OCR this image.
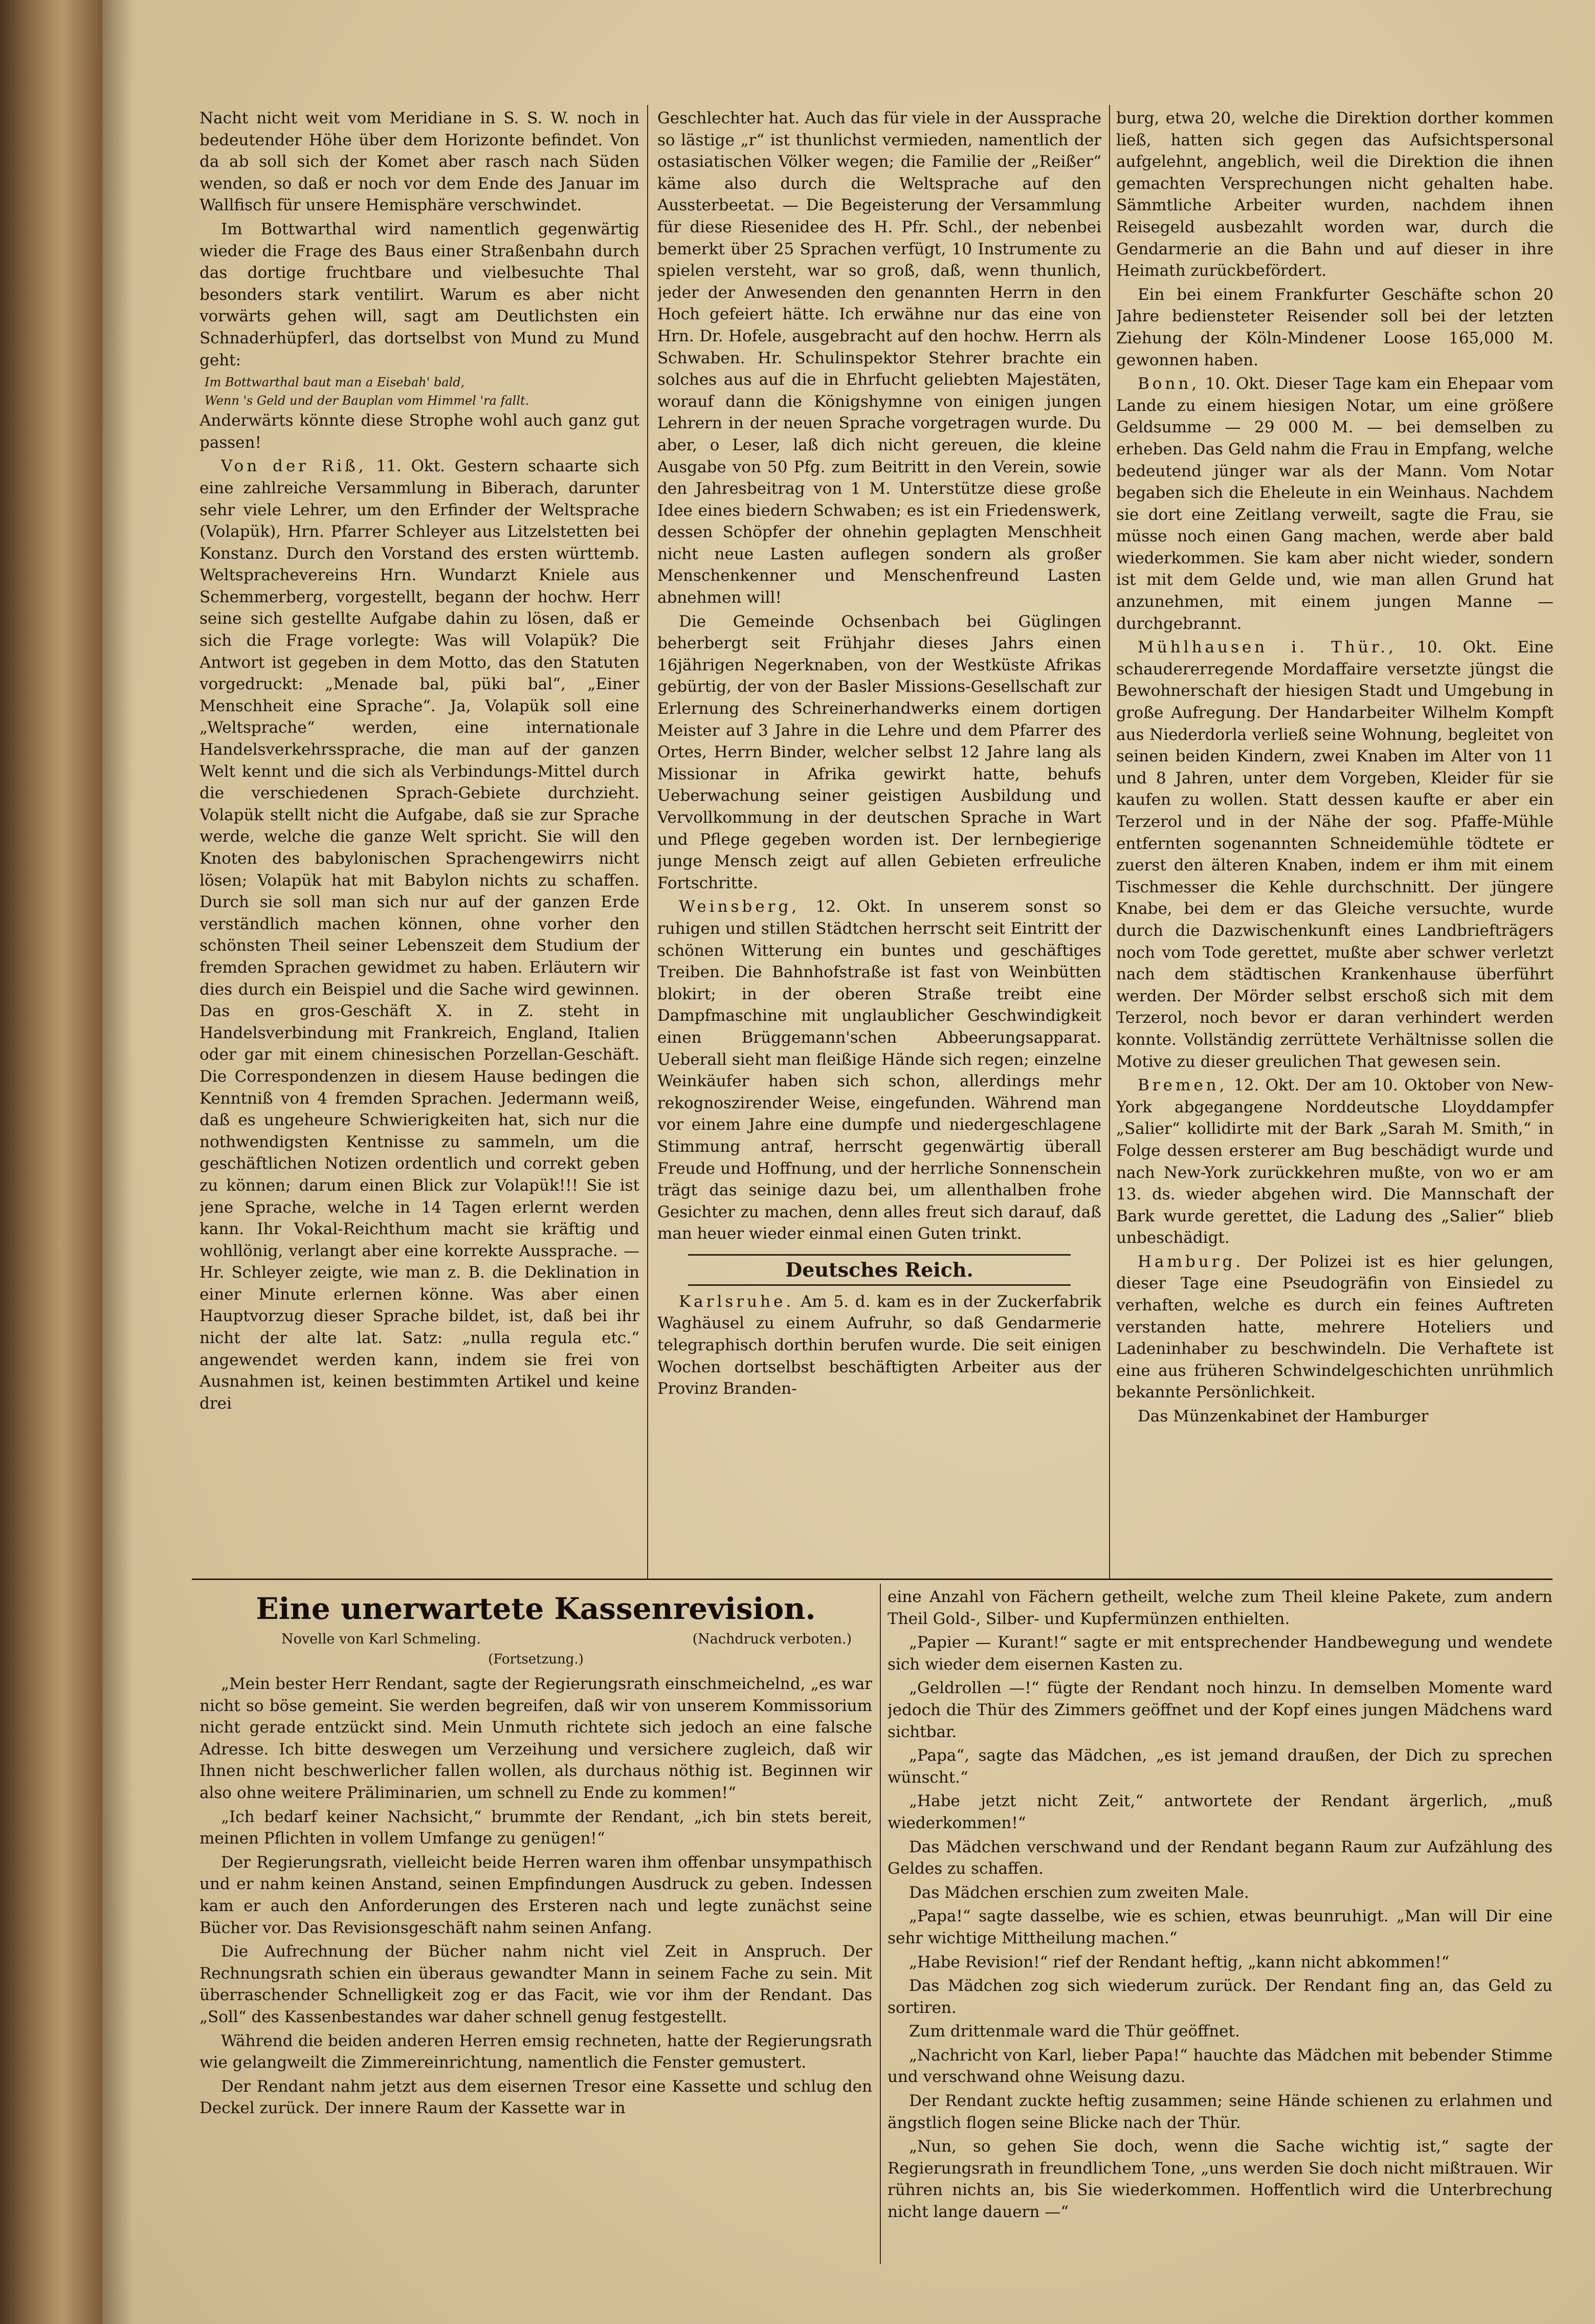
Nacht nicht weit vom Meridiane in S. S. W. noch in bedeutender Höhe über dem Horizonte befindet. Von da ab soll sich der Komet aber rasch nach Süden wenden, so daß er noch vor dem Ende des Januar im Wallfisch für unsere Hemisphäre verschwindet.

Im Bottwarthal wird namentlich gegenwärtig wieder die Frage des Baus einer Straßenbahn durch das dortige fruchtbare und vielbesuchte Thal besonders stark ventilirt. Warum es aber nicht vorwärts gehen will, sagt am Deutlichsten ein Schnaderhüpferl, das dortselbst von Mund zu Mund geht:

Im Bottwarthal baut man a Eisebah' bald,

Wenn 's Geld und der Bauplan vom Himmel 'ra fallt.

Anderwärts könnte diese Strophe wohl auch ganz gut passen!

Von der Riß, 11. Okt. Gestern schaarte sich eine zahlreiche Versammlung in Biberach, darunter sehr viele Lehrer, um den Erfinder der Weltsprache (Volapük), Hrn. Pfarrer Schleyer aus Litzelstetten bei Konstanz. Durch den Vorstand des ersten württemb. Weltsprachevereins Hrn. Wundarzt Kniele aus Schemmerberg, vorgestellt, begann der hochw. Herr seine sich gestellte Aufgabe dahin zu lösen, daß er sich die Frage vorlegte: Was will Volapük? Die Antwort ist gegeben in dem Motto, das den Statuten vorgedruckt: „Menade bal, püki bal“, „Einer Menschheit eine Sprache“. Ja, Volapük soll eine „Weltsprache“ werden, eine internationale Handelsverkehrssprache, die man auf der ganzen Welt kennt und die sich als Verbindungs-Mittel durch die verschiedenen Sprach-Gebiete durchzieht. Volapük stellt nicht die Aufgabe, daß sie zur Sprache werde, welche die ganze Welt spricht. Sie will den Knoten des babylonischen Sprachengewirrs nicht lösen; Volapük hat mit Babylon nichts zu schaffen. Durch sie soll man sich nur auf der ganzen Erde verständlich machen können, ohne vorher den schönsten Theil seiner Lebenszeit dem Studium der fremden Sprachen gewidmet zu haben. Erläutern wir dies durch ein Beispiel und die Sache wird gewinnen. Das en gros-Geschäft X. in Z. steht in Handelsverbindung mit Frankreich, England, Italien oder gar mit einem chinesischen Porzellan-Geschäft. Die Correspondenzen in diesem Hause bedingen die Kenntniß von 4 fremden Sprachen. Jedermann weiß, daß es ungeheure Schwierigkeiten hat, sich nur die nothwendigsten Kentnisse zu sammeln, um die geschäftlichen Notizen ordentlich und correkt geben zu können; darum einen Blick zur Volapük!!! Sie ist jene Sprache, welche in 14 Tagen erlernt werden kann. Ihr Vokal-Reichthum macht sie kräftig und wohllönig, verlangt aber eine korrekte Aussprache. — Hr. Schleyer zeigte, wie man z. B. die Deklination in einer Minute erlernen könne. Was aber einen Hauptvorzug dieser Sprache bildet, ist, daß bei ihr nicht der alte lat. Satz: „nulla regula etc.“ angewendet werden kann, indem sie frei von Ausnahmen ist, keinen bestimmten Artikel und keine drei

Geschlechter hat. Auch das für viele in der Aussprache so lästige „r“ ist thunlichst vermieden, namentlich der ostasiatischen Völker wegen; die Familie der „Reißer“ käme also durch die Weltsprache auf den Aussterbeetat. — Die Begeisterung der Versammlung für diese Riesenidee des H. Pfr. Schl., der nebenbei bemerkt über 25 Sprachen verfügt, 10 Instrumente zu spielen versteht, war so groß, daß, wenn thunlich, jeder der Anwesenden den genannten Herrn in den Hoch gefeiert hätte. Ich erwähne nur das eine von Hrn. Dr. Hofele, ausgebracht auf den hochw. Herrn als Schwaben. Hr. Schulinspektor Stehrer brachte ein solches aus auf die in Ehrfucht geliebten Majestäten, worauf dann die Königshymne von einigen jungen Lehrern in der neuen Sprache vorgetragen wurde. Du aber, o Leser, laß dich nicht gereuen, die kleine Ausgabe von 50 Pfg. zum Beitritt in den Verein, sowie den Jahresbeitrag von 1 M. Unterstütze diese große Idee eines biedern Schwaben; es ist ein Friedenswerk, dessen Schöpfer der ohnehin geplagten Menschheit nicht neue Lasten auflegen sondern als großer Menschenkenner und Menschenfreund Lasten abnehmen will!

Die Gemeinde Ochsenbach bei Güglingen beherbergt seit Frühjahr dieses Jahrs einen 16jährigen Negerknaben, von der Westküste Afrikas gebürtig, der von der Basler Missions-Gesellschaft zur Erlernung des Schreinerhandwerks einem dortigen Meister auf 3 Jahre in die Lehre und dem Pfarrer des Ortes, Herrn Binder, welcher selbst 12 Jahre lang als Missionar in Afrika gewirkt hatte, behufs Ueberwachung seiner geistigen Ausbildung und Vervollkommung in der deutschen Sprache in Wart und Pflege gegeben worden ist. Der lernbegierige junge Mensch zeigt auf allen Gebieten erfreuliche Fortschritte.

Weinsberg, 12. Okt. In unserem sonst so ruhigen und stillen Städtchen herrscht seit Eintritt der schönen Witterung ein buntes und geschäftiges Treiben. Die Bahnhofstraße ist fast von Weinbütten blokirt; in der oberen Straße treibt eine Dampfmaschine mit unglaublicher Geschwindigkeit einen Brüggemann'schen Abbeerungsapparat. Ueberall sieht man fleißige Hände sich regen; einzelne Weinkäufer haben sich schon, allerdings mehr rekognoszirender Weise, eingefunden. Während man vor einem Jahre eine dumpfe und niedergeschlagene Stimmung antraf, herrscht gegenwärtig überall Freude und Hoffnung, und der herrliche Sonnenschein trägt das seinige dazu bei, um allenthalben frohe Gesichter zu machen, denn alles freut sich darauf, daß man heuer wieder einmal einen Guten trinkt.

Deutsches Reich.

Karlsruhe. Am 5. d. kam es in der Zuckerfabrik Waghäusel zu einem Aufruhr, so daß Gendarmerie telegraphisch dorthin berufen wurde. Die seit einigen Wochen dortselbst beschäftigten Arbeiter aus der Provinz Branden-

burg, etwa 20, welche die Direktion dorther kommen ließ, hatten sich gegen das Aufsichtspersonal aufgelehnt, angeblich, weil die Direktion die ihnen gemachten Versprechungen nicht gehalten habe. Sämmtliche Arbeiter wurden, nachdem ihnen Reisegeld ausbezahlt worden war, durch die Gendarmerie an die Bahn und auf dieser in ihre Heimath zurückbefördert.

Ein bei einem Frankfurter Geschäfte schon 20 Jahre bediensteter Reisender soll bei der letzten Ziehung der Köln-Mindener Loose 165,000 M. gewonnen haben.

Bonn, 10. Okt. Dieser Tage kam ein Ehepaar vom Lande zu einem hiesigen Notar, um eine größere Geldsumme — 29 000 M. — bei demselben zu erheben. Das Geld nahm die Frau in Empfang, welche bedeutend jünger war als der Mann. Vom Notar begaben sich die Eheleute in ein Weinhaus. Nachdem sie dort eine Zeitlang verweilt, sagte die Frau, sie müsse noch einen Gang machen, werde aber bald wiederkommen. Sie kam aber nicht wieder, sondern ist mit dem Gelde und, wie man allen Grund hat anzunehmen, mit einem jungen Manne — durchgebrannt.

Mühlhausen i. Thür., 10. Okt. Eine schaudererregende Mordaffaire versetzte jüngst die Bewohnerschaft der hiesigen Stadt und Umgebung in große Aufregung. Der Handarbeiter Wilhelm Kompft aus Niederdorla verließ seine Wohnung, begleitet von seinen beiden Kindern, zwei Knaben im Alter von 11 und 8 Jahren, unter dem Vorgeben, Kleider für sie kaufen zu wollen. Statt dessen kaufte er aber ein Terzerol und in der Nähe der sog. Pfaffe-Mühle entfernten sogenannten Schneidemühle tödtete er zuerst den älteren Knaben, indem er ihm mit einem Tischmesser die Kehle durchschnitt. Der jüngere Knabe, bei dem er das Gleiche versuchte, wurde durch die Dazwischenkunft eines Landbriefträgers noch vom Tode gerettet, mußte aber schwer verletzt nach dem städtischen Krankenhause überführt werden. Der Mörder selbst erschoß sich mit dem Terzerol, noch bevor er daran verhindert werden konnte. Vollständig zerrüttete Verhältnisse sollen die Motive zu dieser greulichen That gewesen sein.

Bremen, 12. Okt. Der am 10. Oktober von New-York abgegangene Norddeutsche Lloyddampfer „Salier“ kollidirte mit der Bark „Sarah M. Smith,“ in Folge dessen ersterer am Bug beschädigt wurde und nach New-York zurückkehren mußte, von wo er am 13. ds. wieder abgehen wird. Die Mannschaft der Bark wurde gerettet, die Ladung des „Salier“ blieb unbeschädigt.

Hamburg. Der Polizei ist es hier gelungen, dieser Tage eine Pseudogräfin von Einsiedel zu verhaften, welche es durch ein feines Auftreten verstanden hatte, mehrere Hoteliers und Ladeninhaber zu beschwindeln. Die Verhaftete ist eine aus früheren Schwindelgeschichten unrühmlich bekannte Persönlichkeit.

Das Münzenkabinet der Hamburger

Eine unerwartete Kassenrevision.
Novelle von Karl Schmeling.	(Nachdruck verboten.)
(Fortsetzung.)

„Mein bester Herr Rendant, sagte der Regierungsrath einschmeichelnd, „es war nicht so böse gemeint. Sie werden begreifen, daß wir von unserem Kommissorium nicht gerade entzückt sind. Mein Unmuth richtete sich jedoch an eine falsche Adresse. Ich bitte deswegen um Verzeihung und versichere zugleich, daß wir Ihnen nicht beschwerlicher fallen wollen, als durchaus nöthig ist. Beginnen wir also ohne weitere Präliminarien, um schnell zu Ende zu kommen!“

„Ich bedarf keiner Nachsicht,“ brummte der Rendant, „ich bin stets bereit, meinen Pflichten in vollem Umfange zu genügen!“

Der Regierungsrath, vielleicht beide Herren waren ihm offenbar unsympathisch und er nahm keinen Anstand, seinen Empfindungen Ausdruck zu geben. Indessen kam er auch den Anforderungen des Ersteren nach und legte zunächst seine Bücher vor. Das Revisionsgeschäft nahm seinen Anfang.

Die Aufrechnung der Bücher nahm nicht viel Zeit in Anspruch. Der Rechnungsrath schien ein überaus gewandter Mann in seinem Fache zu sein. Mit überraschender Schnelligkeit zog er das Facit, wie vor ihm der Rendant. Das „Soll“ des Kassenbestandes war daher schnell genug festgestellt.

Während die beiden anderen Herren emsig rechneten, hatte der Regierungsrath wie gelangweilt die Zimmereinrichtung, namentlich die Fenster gemustert.

Der Rendant nahm jetzt aus dem eisernen Tresor eine Kassette und schlug den Deckel zurück. Der innere Raum der Kassette war in

eine Anzahl von Fächern getheilt, welche zum Theil kleine Pakete, zum andern Theil Gold-, Silber- und Kupfermünzen enthielten.

„Papier — Kurant!“ sagte er mit entsprechender Handbewegung und wendete sich wieder dem eisernen Kasten zu.

„Geldrollen —!“ fügte der Rendant noch hinzu. In demselben Momente ward jedoch die Thür des Zimmers geöffnet und der Kopf eines jungen Mädchens ward sichtbar.

„Papa“, sagte das Mädchen, „es ist jemand draußen, der Dich zu sprechen wünscht.“

„Habe jetzt nicht Zeit,“ antwortete der Rendant ärgerlich, „muß wiederkommen!“

Das Mädchen verschwand und der Rendant begann Raum zur Aufzählung des Geldes zu schaffen.

Das Mädchen erschien zum zweiten Male.

„Papa!“ sagte dasselbe, wie es schien, etwas beunruhigt. „Man will Dir eine sehr wichtige Mittheilung machen.“

„Habe Revision!“ rief der Rendant heftig, „kann nicht abkommen!“

Das Mädchen zog sich wiederum zurück. Der Rendant fing an, das Geld zu sortiren.

Zum drittenmale ward die Thür geöffnet.

„Nachricht von Karl, lieber Papa!“ hauchte das Mädchen mit bebender Stimme und verschwand ohne Weisung dazu.

Der Rendant zuckte heftig zusammen; seine Hände schienen zu erlahmen und ängstlich flogen seine Blicke nach der Thür.

„Nun, so gehen Sie doch, wenn die Sache wichtig ist,“ sagte der Regierungsrath in freundlichem Tone, „uns werden Sie doch nicht mißtrauen. Wir rühren nichts an, bis Sie wiederkommen. Hoffentlich wird die Unterbrechung nicht lange dauern —“
